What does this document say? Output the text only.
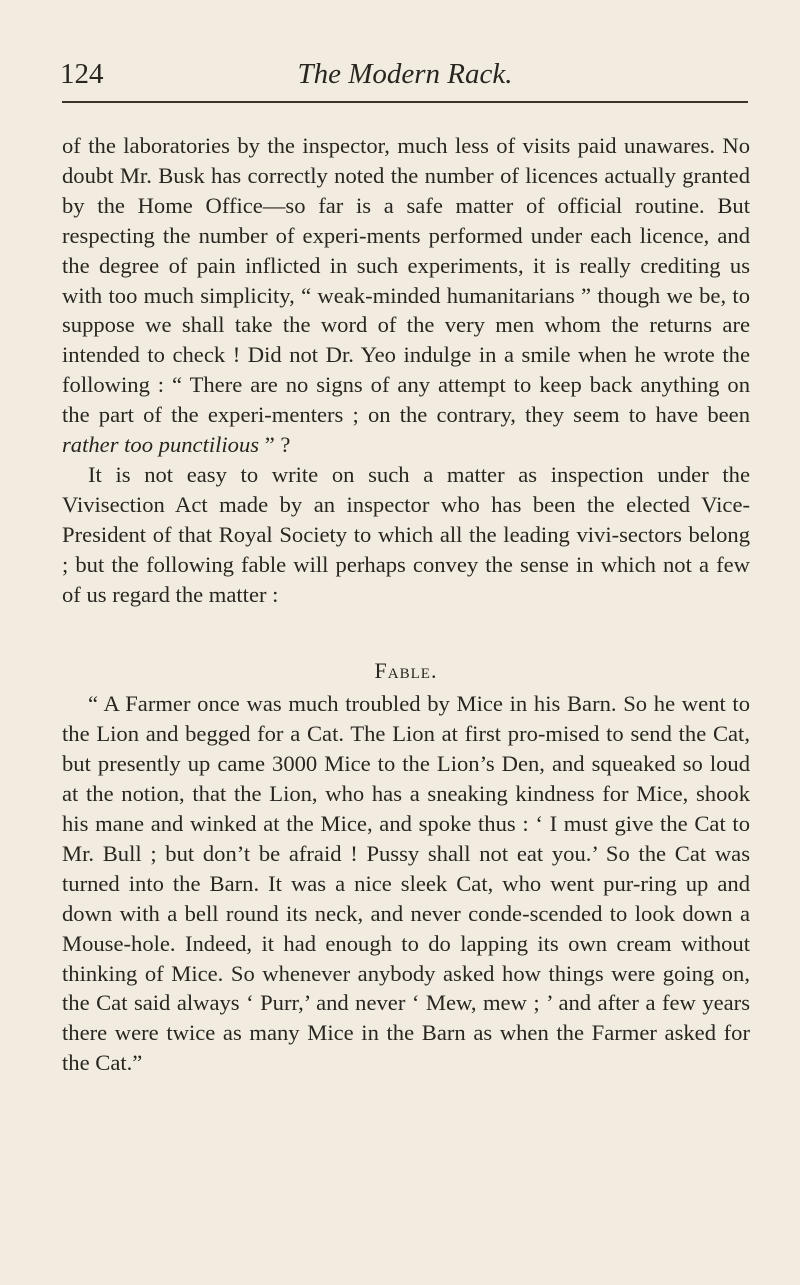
124	The Modern Rack.

of the laboratories by the inspector, much less of visits paid unawares. No doubt Mr. Busk has correctly noted the number of licences actually granted by the Home Office—so far is a safe matter of official routine. But respecting the number of experi-ments performed under each licence, and the degree of pain inflicted in such experiments, it is really crediting us with too much simplicity, “ weak-minded humanitarians ” though we be, to suppose we shall take the word of the very men whom the returns are intended to check ! Did not Dr. Yeo indulge in a smile when he wrote the following : “ There are no signs of any attempt to keep back anything on the part of the experi-menters ; on the contrary, they seem to have been rather too punctilious ” ?

It is not easy to write on such a matter as inspection under the Vivisection Act made by an inspector who has been the elected Vice-President of that Royal Society to which all the leading vivi-sectors belong ; but the following fable will perhaps convey the sense in which not a few of us regard the matter :

Fable.

“ A Farmer once was much troubled by Mice in his Barn. So he went to the Lion and begged for a Cat. The Lion at first pro-mised to send the Cat, but presently up came 3000 Mice to the Lion’s Den, and squeaked so loud at the notion, that the Lion, who has a sneaking kindness for Mice, shook his mane and winked at the Mice, and spoke thus : ‘ I must give the Cat to Mr. Bull ; but don’t be afraid ! Pussy shall not eat you.’ So the Cat was turned into the Barn. It was a nice sleek Cat, who went pur-ring up and down with a bell round its neck, and never conde-scended to look down a Mouse-hole. Indeed, it had enough to do lapping its own cream without thinking of Mice. So whenever anybody asked how things were going on, the Cat said always ‘ Purr,’ and never ‘ Mew, mew ; ’ and after a few years there were twice as many Mice in the Barn as when the Farmer asked for the Cat.”
